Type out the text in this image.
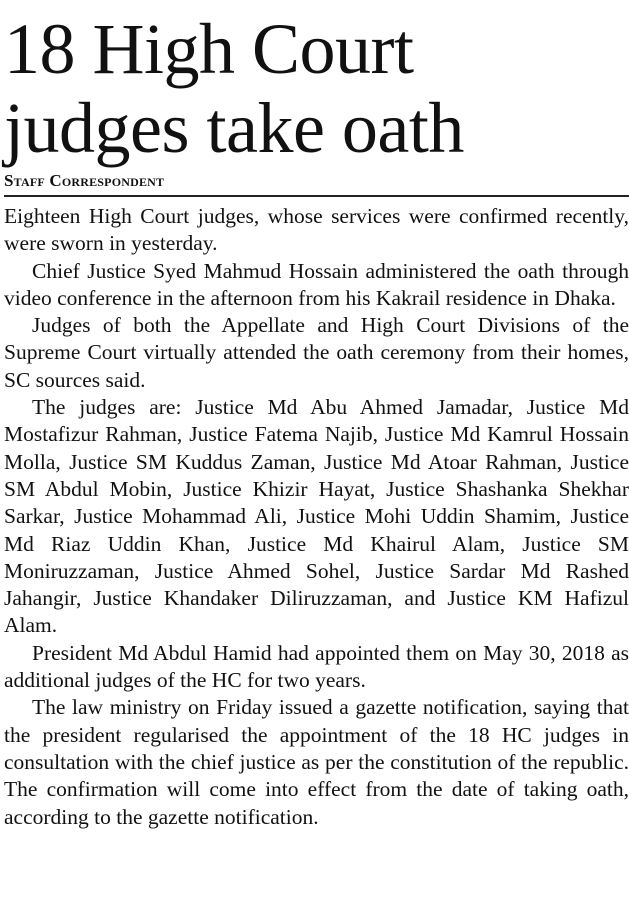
18 High Court
judges take oath
Staff Correspondent

Eighteen High Court judges, whose services were confirmed recently, were sworn in yesterday.

Chief Justice Syed Mahmud Hossain administered the oath through video conference in the afternoon from his Kakrail residence in Dhaka.

Judges of both the Appellate and High Court Divisions of the Supreme Court virtually attended the oath ceremony from their homes, SC sources said.

The judges are: Justice Md Abu Ahmed Jamadar, Justice Md Mostafizur Rahman, Justice Fatema Najib, Justice Md Kamrul Hossain Molla, Justice SM Kuddus Zaman, Justice Md Atoar Rahman, Justice SM Abdul Mobin, Justice Khizir Hayat, Justice Shashanka Shekhar Sarkar, Justice Mohammad Ali, Justice Mohi Uddin Shamim, Justice Md Riaz Uddin Khan, Justice Md Khairul Alam, Justice SM Moniruzzaman, Justice Ahmed Sohel, Justice Sardar Md Rashed Jahangir, Justice Khandaker Diliruzzaman, and Justice KM Hafizul Alam.

President Md Abdul Hamid had appointed them on May 30, 2018 as additional judges of the HC for two years.

The law ministry on Friday issued a gazette notification, saying that the president regularised the appointment of the 18 HC judges in consultation with the chief justice as per the constitution of the republic. The confirmation will come into effect from the date of taking oath, according to the gazette notification.
